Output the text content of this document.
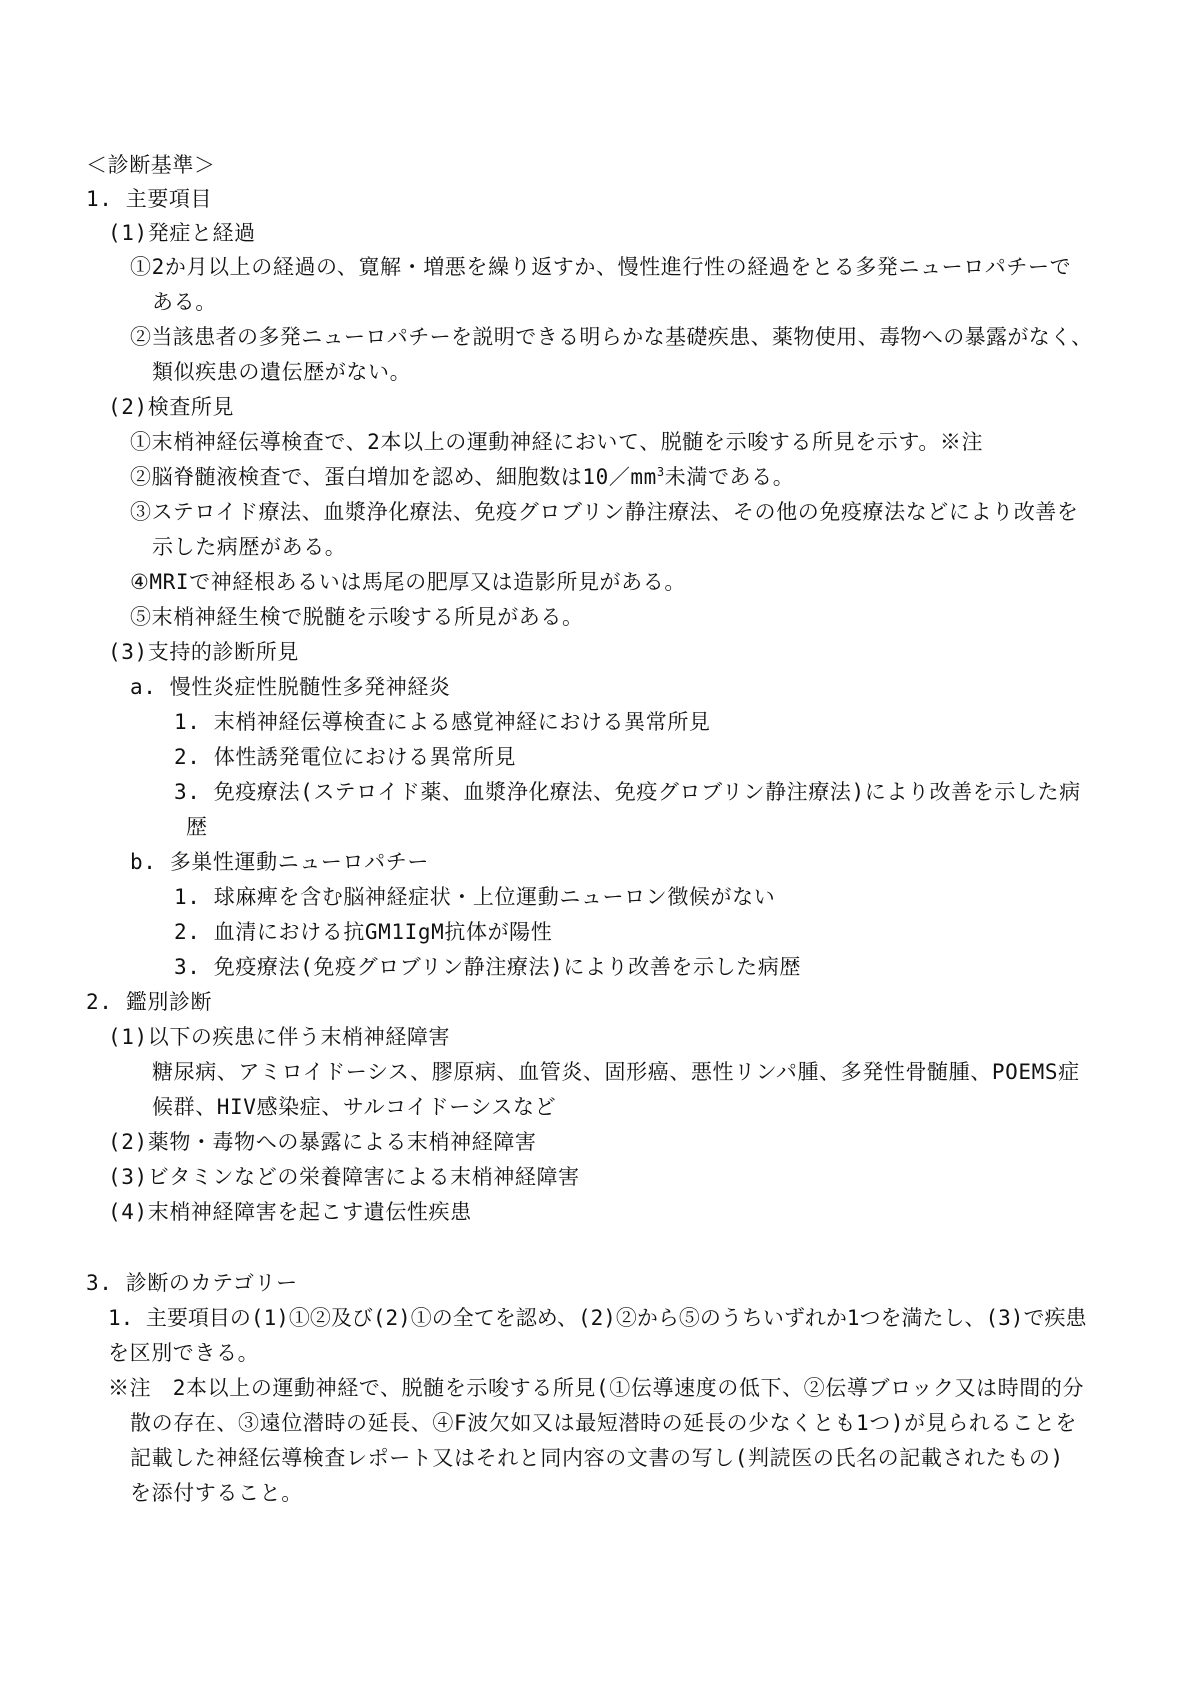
＜診断基準＞
1. 主要項目
(1)発症と経過
①2か月以上の経過の、寛解・増悪を繰り返すか、慢性進行性の経過をとる多発ニューロパチーで
ある。
②当該患者の多発ニューロパチーを説明できる明らかな基礎疾患、薬物使用、毒物への暴露がなく、
類似疾患の遺伝歴がない。
(2)検査所見
①末梢神経伝導検査で、2本以上の運動神経において、脱髄を示唆する所見を示す。※注
②脳脊髄液検査で、蛋白増加を認め、細胞数は$10/mm^3$未満である。
③ステロイド療法、血漿浄化療法、免疫グロブリン静注療法、その他の免疫療法などにより改善を
示した病歴がある。
④MRIで神経根あるいは馬尾の肥厚又は造影所見がある。
⑤末梢神経生検で脱髄を示唆する所見がある。
(3)支持的診断所見
a. 慢性炎症性脱髄性多発神経炎
1. 末梢神経伝導検査による感覚神経における異常所見
2. 体性誘発電位における異常所見
3. 免疫療法(ステロイド薬、血漿浄化療法、免疫グロブリン静注療法)により改善を示した病
歴
b. 多巣性運動ニューロパチー
1. 球麻痺を含む脳神経症状・上位運動ニューロン徴候がない
2. 血清における抗GM1IgM抗体が陽性
3. 免疫療法(免疫グロブリン静注療法)により改善を示した病歴
2. 鑑別診断
(1)以下の疾患に伴う末梢神経障害
糖尿病、アミロイドーシス、膠原病、血管炎、固形癌、悪性リンパ腫、多発性骨髄腫、POEMS症
候群、HIV感染症、サルコイドーシスなど
(2)薬物・毒物への暴露による末梢神経障害
(3)ビタミンなどの栄養障害による末梢神経障害
(4)末梢神経障害を起こす遺伝性疾患
3. 診断のカテゴリー
1. 主要項目の(1)①②及び(2)①の全てを認め、(2)②から⑤のうちいずれか1つを満たし、(3)で疾患
を区別できる。
※注　2本以上の運動神経で、脱髄を示唆する所見(①伝導速度の低下、②伝導ブロック又は時間的分
散の存在、③遠位潜時の延長、④F波欠如又は最短潜時の延長の少なくとも1つ)が見られることを
記載した神経伝導検査レポート又はそれと同内容の文書の写し(判読医の氏名の記載されたもの)
を添付すること。
